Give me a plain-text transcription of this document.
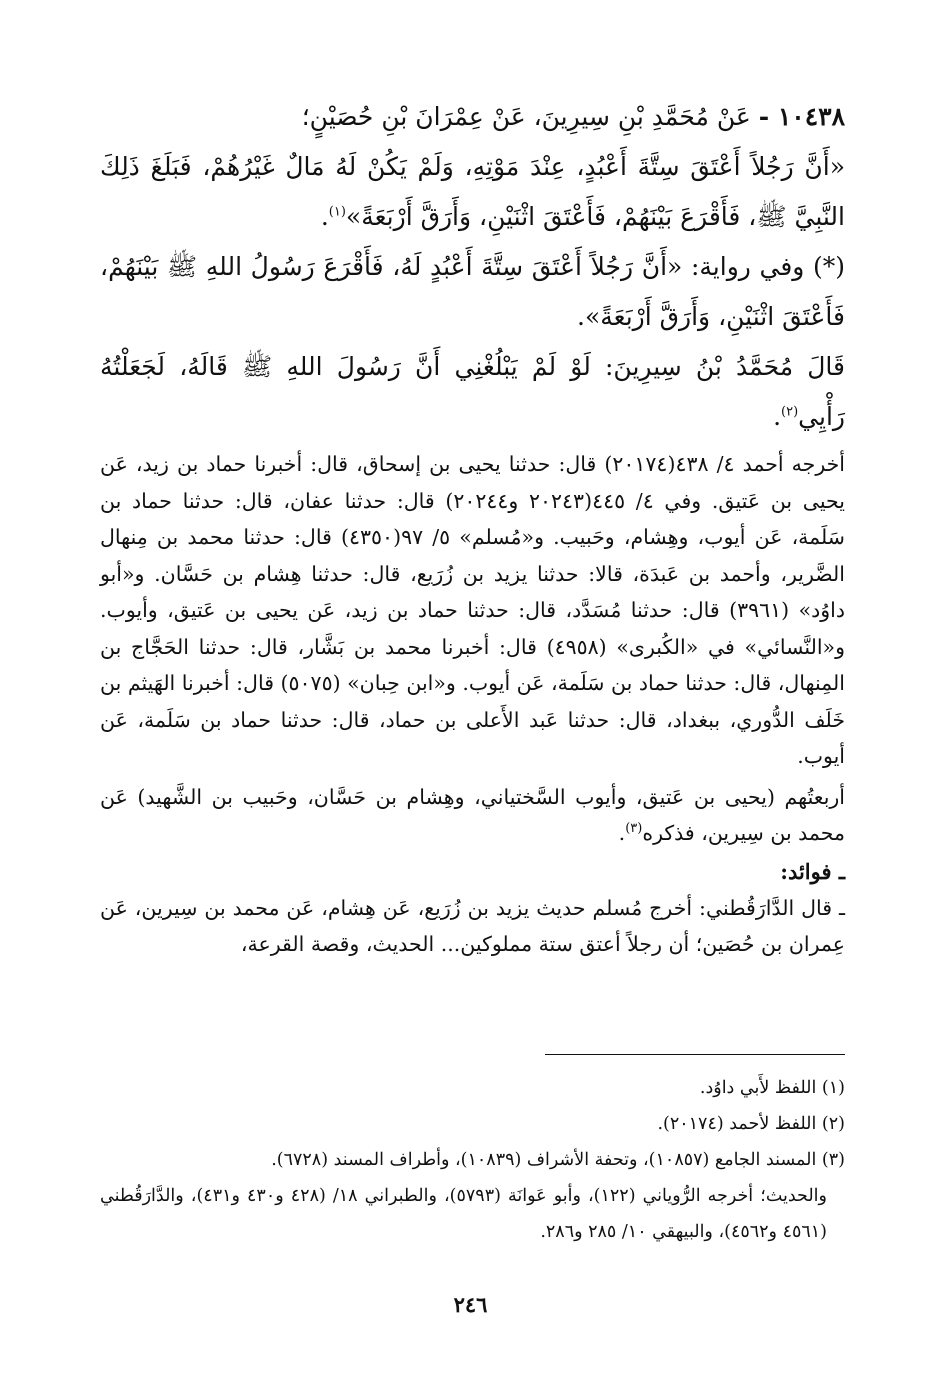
١٠٤٣٨ - عَنْ مُحَمَّدِ بْنِ سِيرِينَ، عَنْ عِمْرَانَ بْنِ حُصَيْنٍ؛

«أَنَّ رَجُلاً أَعْتَقَ سِتَّةَ أَعْبُدٍ، عِنْدَ مَوْتِهِ، وَلَمْ يَكُنْ لَهُ مَالٌ غَيْرُهُمْ، فَبَلَغَ ذَلِكَ النَّبِيَّ ﷺ، فَأَقْرَعَ بَيْنَهُمْ، فَأَعْتَقَ اثْنَيْنِ، وَأَرَقَّ أَرْبَعَةً»$^{(١)}$.

(*) وفي رواية: «أَنَّ رَجُلاً أَعْتَقَ سِتَّةَ أَعْبُدٍ لَهُ، فَأَقْرَعَ رَسُولُ اللهِ ﷺ بَيْنَهُمْ، فَأَعْتَقَ اثْنَيْنِ، وَأَرَقَّ أَرْبَعَةً».

قَالَ مُحَمَّدُ بْنُ سِيرِينَ: لَوْ لَمْ يَبْلُغْنِي أَنَّ رَسُولَ اللهِ ﷺ قَالَهُ، لَجَعَلْتُهُ رَأْيِي$^{(٢)}$.

أخرجه أحمد ٤/ ٤٣٨(٢٠١٧٤) قال: حدثنا يحيى بن إسحاق، قال: أخبرنا حماد بن زيد، عَن يحيى بن عَتيق. وفي ٤/ ٤٤٥(٢٠٢٤٣ و٢٠٢٤٤) قال: حدثنا عفان، قال: حدثنا حماد بن سَلَمة، عَن أيوب، وهِشام، وحَبيب. و«مُسلم» ٥/ ٩٧(٤٣٥٠) قال: حدثنا محمد بن مِنهال الضَّرير، وأحمد بن عَبدَة، قالا: حدثنا يزيد بن زُرَيع، قال: حدثنا هِشام بن حَسَّان. و«أبو داوُد» (٣٩٦١) قال: حدثنا مُسَدَّد، قال: حدثنا حماد بن زيد، عَن يحيى بن عَتيق، وأيوب. و«النَّسائي» في «الكُبرى» (٤٩٥٨) قال: أخبرنا محمد بن بَشَّار، قال: حدثنا الحَجَّاج بن المِنهال، قال: حدثنا حماد بن سَلَمة، عَن أيوب. و«ابن حِبان» (٥٠٧٥) قال: أخبرنا الهَيثم بن خَلَف الدُّوري، ببغداد، قال: حدثنا عَبد الأَعلى بن حماد، قال: حدثنا حماد بن سَلَمة، عَن أيوب.

أربعتُهم (يحيى بن عَتيق، وأيوب السَّختياني، وهِشام بن حَسَّان، وحَبيب بن الشَّهيد) عَن محمد بن سِيرين، فذكره$^{(٣)}$.

ـ فوائد:

ـ قال الدَّارَقُطني: أخرج مُسلم حديث يزيد بن زُرَيع، عَن هِشام، عَن محمد بن سِيرين، عَن عِمران بن حُصَين؛ أن رجلاً أعتق ستة مملوكين... الحديث، وقصة القرعة،

(١) اللفظ لأَبي داوُد.

(٢) اللفظ لأحمد (٢٠١٧٤).

(٣) المسند الجامع (١٠٨٥٧)، وتحفة الأشراف (١٠٨٣٩)، وأطراف المسند (٦٧٢٨).

والحديث؛ أخرجه الرُّوياني (١٢٢)، وأبو عَوانَة (٥٧٩٣)، والطبراني ١٨/ (٤٢٨ و٤٣٠ و٤٣١)، والدَّارَقُطني (٤٥٦١ و٤٥٦٢)، والبيهقي ١٠/ ٢٨٥ و٢٨٦.

٢٤٦
